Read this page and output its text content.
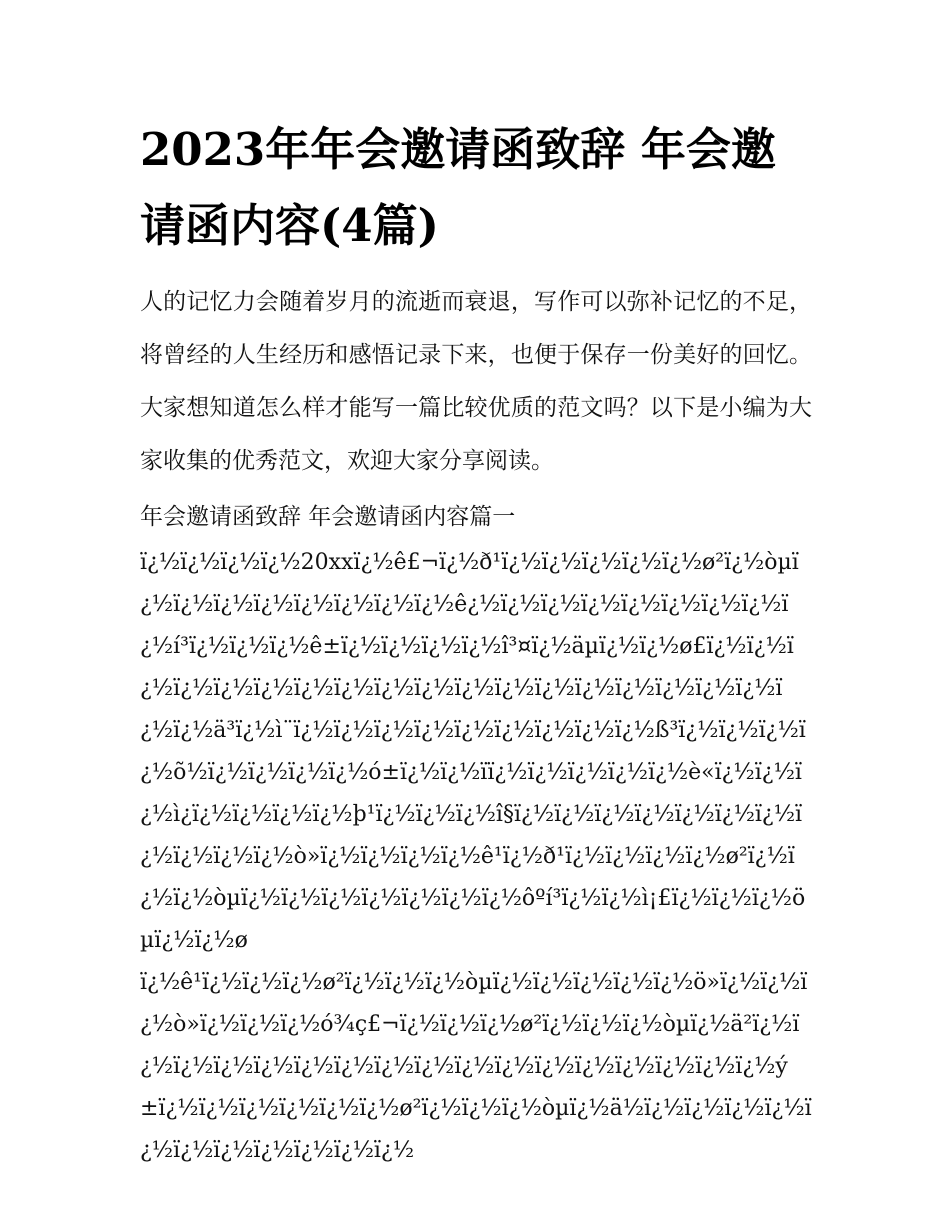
2023年年会邀请函致辞 年会邀请函内容(4篇)

人的记忆力会随着岁月的流逝而衰退，写作可以弥补记忆的不足，将曾经的人生经历和感悟记录下来，也便于保存一份美好的回忆。大家想知道怎么样才能写一篇比较优质的范文吗？以下是小编为大家收集的优秀范文，欢迎大家分享阅读。

年会邀请函致辞 年会邀请函内容篇一

ï¿½ï¿½ï¿½ï¿½20xxï¿½ê£¬ï¿½ð¹ï¿½ï¿½ï¿½ï¿½ï¿½ø²ï¿½òµï¿½ï¿½ï¿½ï¿½ï¿½ï¿½ï¿½ï¿½ê¿½ï¿½ï¿½ï¿½ï¿½ï¿½ï¿½ï¿½ï¿½í³ï¿½ï¿½ï¿½ê±ï¿½ï¿½ï¿½ï¿½î³¤ï¿½äµï¿½ï¿½ø£ï¿½ï¿½ï¿½ï¿½ï¿½ï¿½ï¿½ï¿½ï¿½ï¿½ï¿½ï¿½ï¿½ï¿½ï¿½ï¿½ï¿½ï¿½ï¿½ï¿½ä³ï¿½ì¨ï¿½ï¿½ï¿½ï¿½ï¿½ï¿½ï¿½ï¿½ï¿½ß³ï¿½ï¿½ï¿½ï¿½õ½ï¿½ï¿½ï¿½ï¿½ó±ï¿½ï¿½ïï¿½ï¿½ï¿½ï¿½ï¿½è«ï¿½ï¿½ï¿½ì¿ï¿½ï¿½ï¿½ï¿½þ¹ï¿½ï¿½ï¿½î§ï¿½ï¿½ï¿½ï¿½ï¿½ï¿½ï¿½ï¿½ï¿½ï¿½ï¿½ò»ï¿½ï¿½ï¿½ï¿½ê¹ï¿½ð¹ï¿½ï¿½ï¿½ï¿½ø²ï¿½ï¿½ï¿½òµï¿½ï¿½ï¿½ï¿½ï¿½ï¿½ï¿½ôºí³ï¿½ï¿½ì¡£ï¿½ï¿½ï¿½öµï¿½ï¿½ø

ï¿½ê¹ï¿½ï¿½ï¿½ø²ï¿½ï¿½ï¿½òµï¿½ï¿½ï¿½ï¿½ï¿½ö»ï¿½ï¿½ï¿½ò»ï¿½ï¿½ï¿½ó¾ç£¬ï¿½ï¿½ï¿½ø²ï¿½ï¿½ï¿½òµï¿½ä²ï¿½ï¿½ï¿½ï¿½ï¿½ï¿½ï¿½ï¿½ï¿½ï¿½ï¿½ï¿½ï¿½ï¿½ï¿½ï¿½ï¿½ý±ï¿½ï¿½ï¿½ï¿½ï¿½ï¿½ø²ï¿½ï¿½ï¿½òµï¿½ä½ï¿½ï¿½ï¿½ï¿½ï¿½ï¿½ï¿½ï¿½ï¿½ï¿½ï¿½
